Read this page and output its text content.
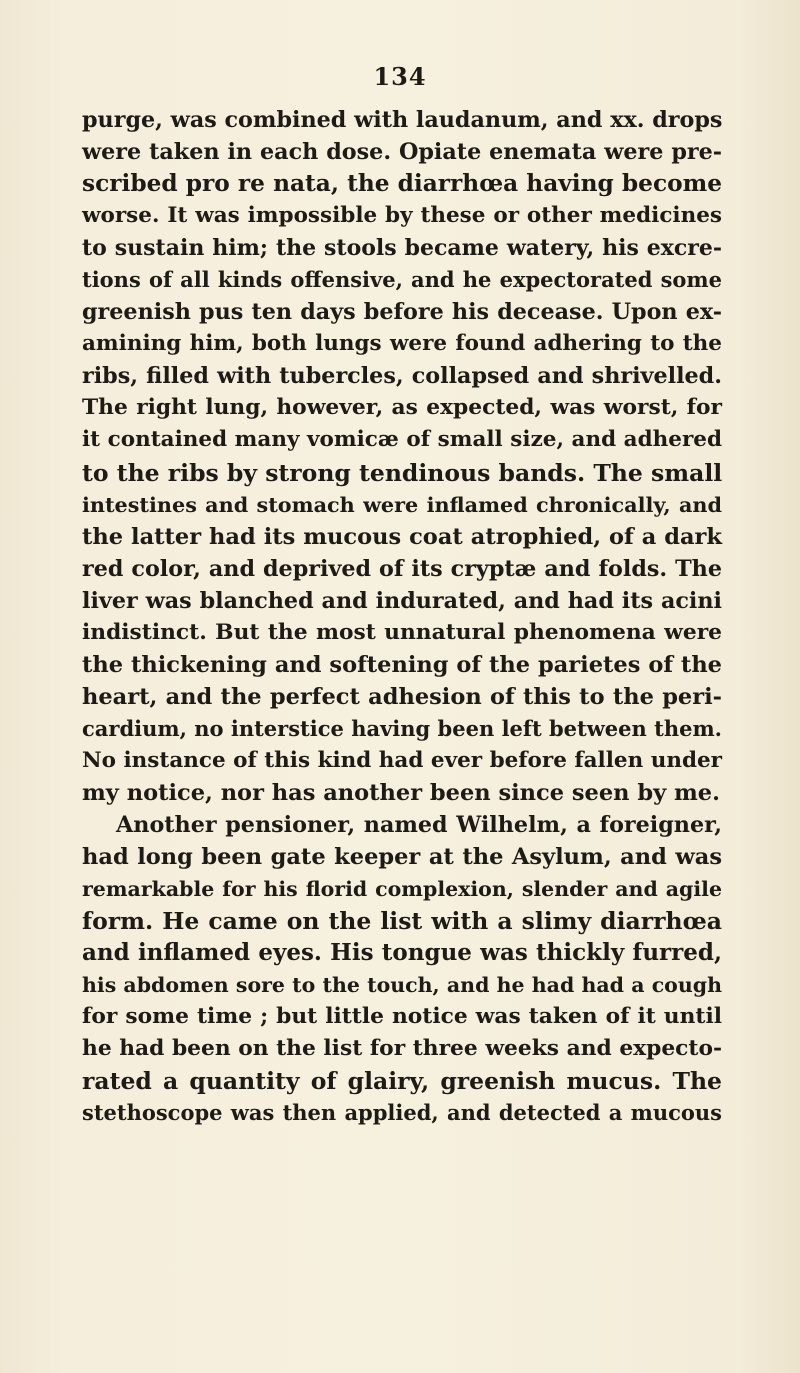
134
purge, was combined with laudanum, and xx. drops
were taken in each dose. Opiate enemata were pre-
scribed pro re nata, the diarrhœa having become
worse. It was impossible by these or other medicines
to sustain him; the stools became watery, his excre-
tions of all kinds offensive, and he expectorated some
greenish pus ten days before his decease. Upon ex-
amining him, both lungs were found adhering to the
ribs, filled with tubercles, collapsed and shrivelled.
The right lung, however, as expected, was worst, for
it contained many vomicæ of small size, and adhered
to the ribs by strong tendinous bands. The small
intestines and stomach were inflamed chronically, and
the latter had its mucous coat atrophied, of a dark
red color, and deprived of its cryptæ and folds. The
liver was blanched and indurated, and had its acini
indistinct. But the most unnatural phenomena were
the thickening and softening of the parietes of the
heart, and the perfect adhesion of this to the peri-
cardium, no interstice having been left between them.
No instance of this kind had ever before fallen under
my notice, nor has another been since seen by me.
Another pensioner, named Wilhelm, a foreigner,
had long been gate keeper at the Asylum, and was
remarkable for his florid complexion, slender and agile
form. He came on the list with a slimy diarrhœa
and inflamed eyes. His tongue was thickly furred,
his abdomen sore to the touch, and he had had a cough
for some time ; but little notice was taken of it until
he had been on the list for three weeks and expecto-
rated a quantity of glairy, greenish mucus. The
stethoscope was then applied, and detected a mucous
